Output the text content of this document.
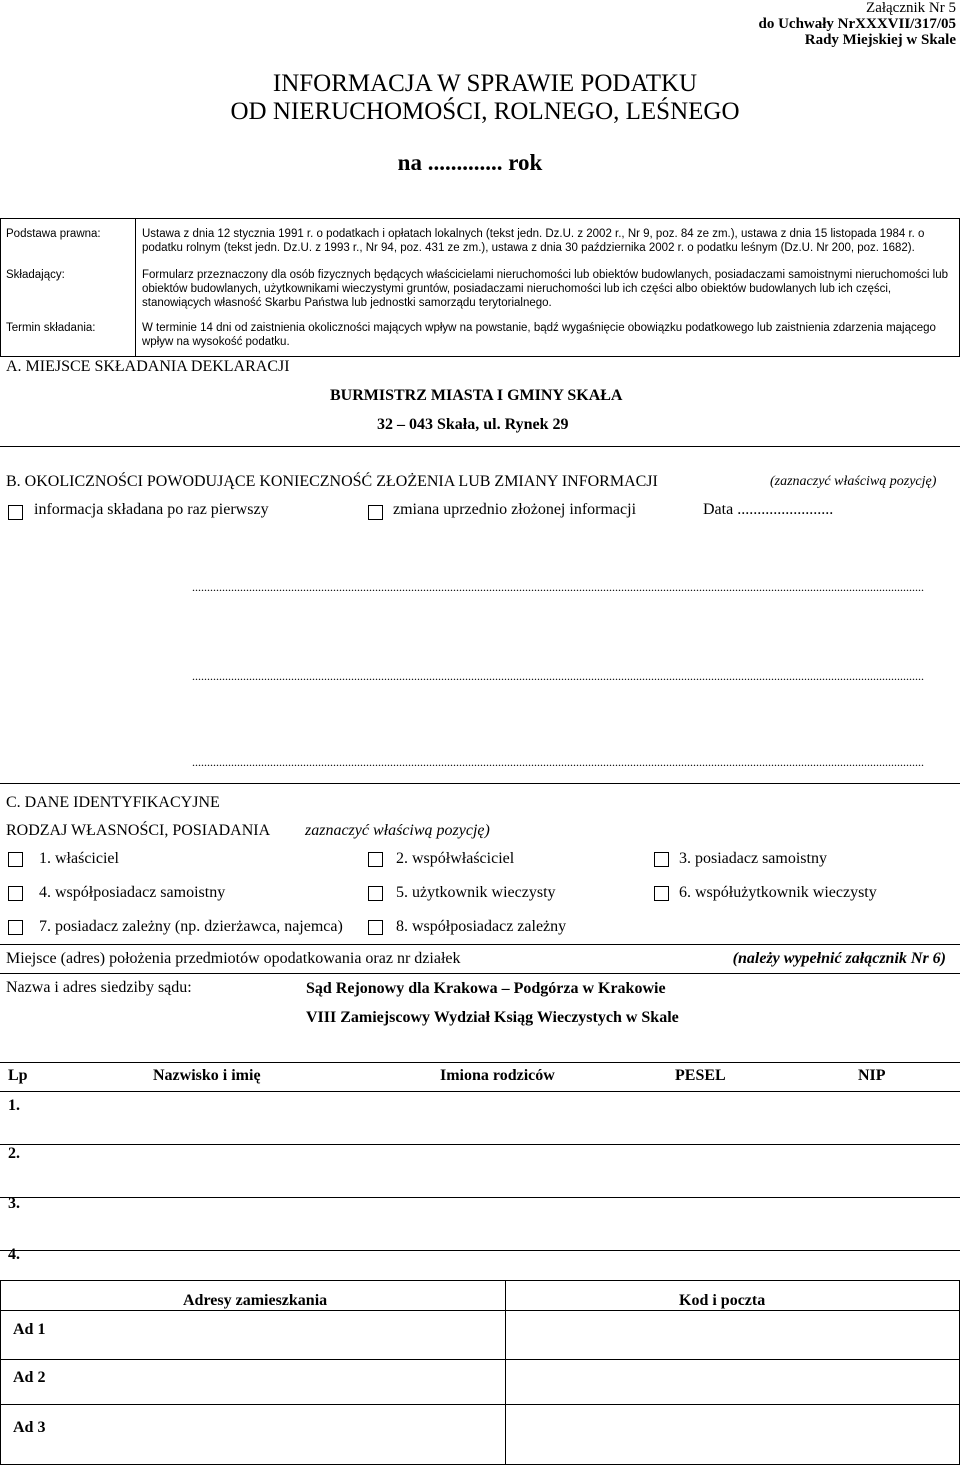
Załącznik Nr 5
do Uchwały NrXXXVII/317/05
Rady Miejskiej w Skale
INFORMACJA W SPRAWIE PODATKU
OD NIERUCHOMOŚCI, ROLNEGO, LEŚNEGO
na ............. rok
Podstawa prawna:	Ustawa z dnia 12 stycznia 1991 r. o podatkach i opłatach lokalnych (tekst jedn. Dz.U. z 2002 r., Nr 9, poz. 84 ze zm.), ustawa z dnia 15 listopada 1984 r. o podatku rolnym (tekst jedn. Dz.U. z 1993 r., Nr 94, poz. 431 ze zm.), ustawa z dnia 30 października 2002 r. o podatku leśnym (Dz.U. Nr 200, poz. 1682).
Składający:	Formularz przeznaczony dla osób fizycznych będących właścicielami nieruchomości lub obiektów budowlanych, posiadaczami samoistnymi nieruchomości lub obiektów budowlanych, użytkownikami wieczystymi gruntów, posiadaczami nieruchomości lub ich części albo obiektów budowlanych lub ich części, stanowiących własność Skarbu Państwa lub jednostki samorządu terytorialnego.
Termin składania:	W terminie 14 dni od zaistnienia okoliczności mających wpływ na powstanie, bądź wygaśnięcie obowiązku podatkowego lub zaistnienia zdarzenia mającego wpływ na wysokość podatku.
A. MIEJSCE SKŁADANIA DEKLARACJI
BURMISTRZ MIASTA I GMINY SKAŁA
32 – 043 Skała, ul. Rynek 29
B. OKOLICZNOŚCI POWODUJĄCE KONIECZNOŚĆ ZŁOŻENIA LUB ZMIANY INFORMACJI	(zaznaczyć właściwą pozycję)
informacja składana po raz pierwszy	zmiana uprzednio złożonej informacji	Data ........................
....................................................................................................................................................................................................................................................
....................................................................................................................................................................................................................................................
....................................................................................................................................................................................................................................................
C. DANE IDENTYFIKACYJNE
RODZAJ WŁASNOŚCI, POSIADANIA zaznaczyć właściwą pozycję)
1. właściciel	2. współwłaściciel	3. posiadacz samoistny
4. współposiadacz samoistny	5. użytkownik wieczysty	6. współużytkownik wieczysty
7. posiadacz zależny (np. dzierżawca, najemca)	8. współposiadacz zależny
Miejsce (adres) położenia przedmiotów opodatkowania oraz nr działek	(należy wypełnić załącznik Nr 6)
Nazwa i adres siedziby sądu:	Sąd Rejonowy dla Krakowa – Podgórza w Krakowie
VIII Zamiejscowy Wydział Ksiąg Wieczystych w Skale
Lp	Nazwisko i imię	Imiona rodziców	PESEL	NIP
1.
2.
3.
4.
Adresy zamieszkania	Kod i poczta
Ad 1
Ad 2
Ad 3
